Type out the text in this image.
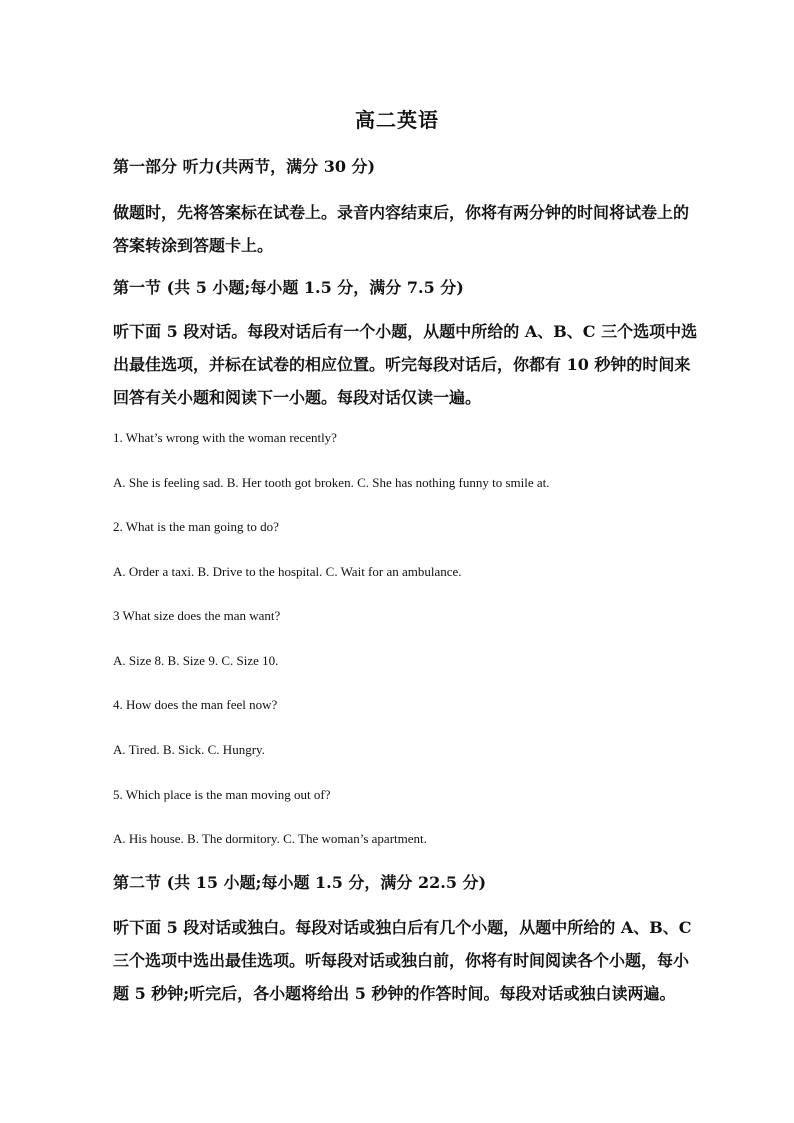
高二英语

第一部分 听力(共两节，满分 30 分)

做题时，先将答案标在试卷上。录音内容结束后，你将有两分钟的时间将试卷上的答案转涂到答题卡上。

第一节 (共 5 小题;每小题 1.5 分，满分 7.5 分)

听下面 5 段对话。每段对话后有一个小题，从题中所给的 A、B、C 三个选项中选出最佳选项，并标在试卷的相应位置。听完每段对话后，你都有 10 秒钟的时间来回答有关小题和阅读下一小题。每段对话仅读一遍。

1. What’s wrong with the woman recently?

A. She is feeling sad. B. Her tooth got broken. C. She has nothing funny to smile at.

2. What is the man going to do?

A. Order a taxi. B. Drive to the hospital. C. Wait for an ambulance.

3 What size does the man want?

A. Size 8. B. Size 9. C. Size 10.

4. How does the man feel now?

A. Tired. B. Sick. C. Hungry.

5. Which place is the man moving out of?

A. His house. B. The dormitory. C. The woman’s apartment.

第二节 (共 15 小题;每小题 1.5 分，满分 22.5 分)

听下面 5 段对话或独白。每段对话或独白后有几个小题，从题中所给的 A、B、C 三个选项中选出最佳选项。听每段对话或独白前，你将有时间阅读各个小题，每小题 5 秒钟;听完后，各小题将给出 5 秒钟的作答时间。每段对话或独白读两遍。
